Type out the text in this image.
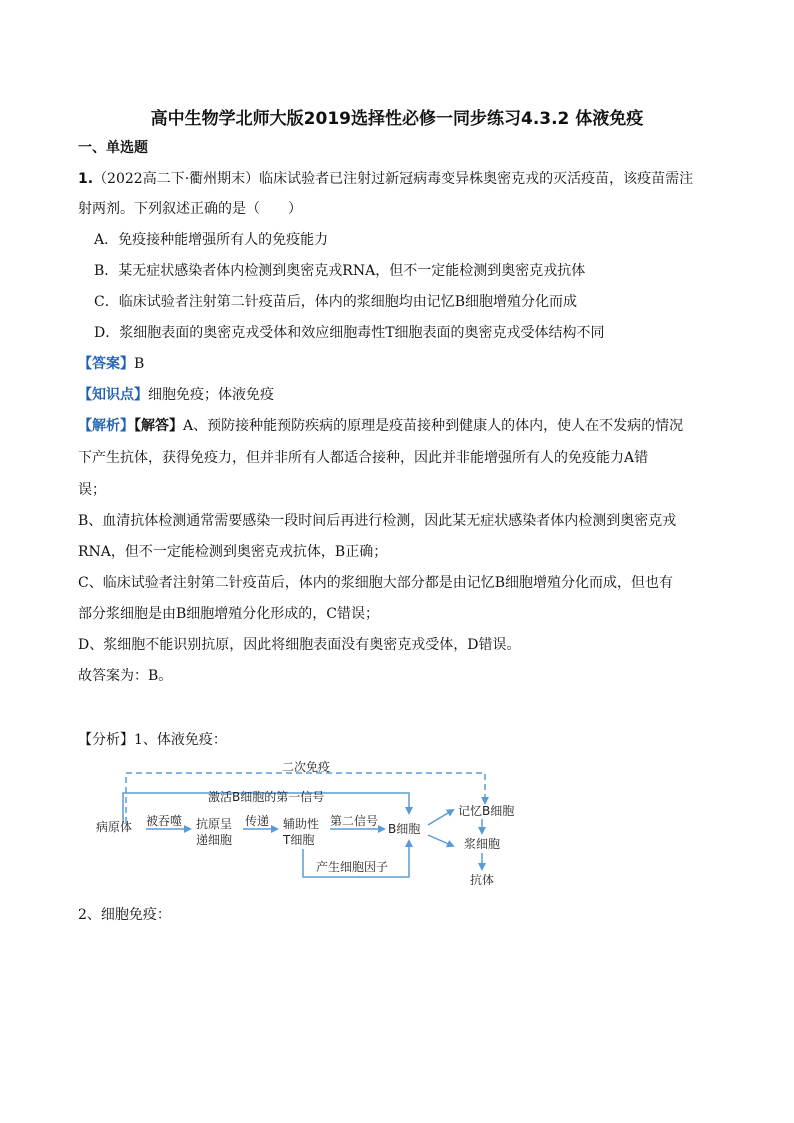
高中生物学北师大版2019选择性必修一同步练习4.3.2 体液免疫
一、单选题
1.（2022高二下·衢州期末）临床试验者已注射过新冠病毒变异株奥密克戎的灭活疫苗，该疫苗需注
射两剂。下列叙述正确的是（　　）
A．免疫接种能增强所有人的免疫能力
B．某无症状感染者体内检测到奥密克戎RNA，但不一定能检测到奥密克戎抗体
C．临床试验者注射第二针疫苗后，体内的浆细胞均由记忆B细胞增殖分化而成
D．浆细胞表面的奥密克戎受体和效应细胞毒性T细胞表面的奥密克戎受体结构不同
【答案】B
【知识点】细胞免疫；体液免疫
【解析】【解答】A、预防接种能预防疾病的原理是疫苗接种到健康人的体内，使人在不发病的情况
下产生抗体，获得免疫力，但并非所有人都适合接种，因此并非能增强所有人的免疫能力A错
误；
B、血清抗体检测通常需要感染一段时间后再进行检测，因此某无症状感染者体内检测到奥密克戎
RNA，但不一定能检测到奥密克戎抗体，B正确；
C、临床试验者注射第二针疫苗后，体内的浆细胞大部分都是由记忆B细胞增殖分化而成，但也有
部分浆细胞是由B细胞增殖分化形成的，C错误；
D、浆细胞不能识别抗原，因此将细胞表面没有奥密克戎受体，D错误。
故答案为：B。
【分析】1、体液免疫：
二次免疫
激活B细胞的第一信号
病原体 被吞噬 抗原呈
递细胞
传递 辅助性
T细胞
第二信号
B细胞
记忆B细胞
浆细胞
抗体
产生细胞因子
2、细胞免疫：
